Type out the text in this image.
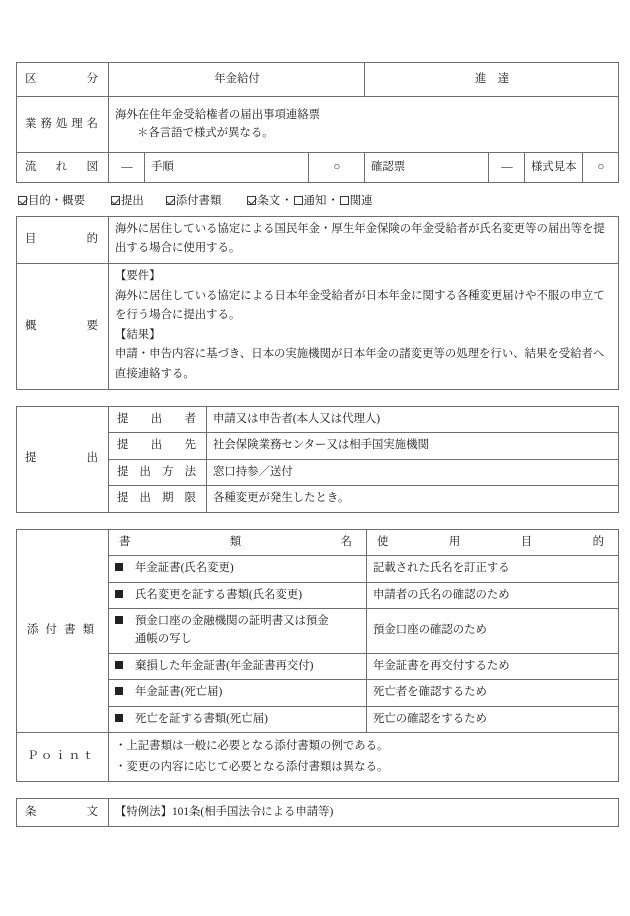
区　　　　分	年金給付	進　達
業 務 処 理 名	海外在住年金受給権者の届出事項連絡票
＊各言語で様式が異なる。	
流　れ　図	―	手順	○	確認票	―	様式見本	○
目的・概要	提出	添付書類	条文・ 通知・ 関連
目　　　　的	海外に居住している協定による国民年金・厚生年金保険の年金受給者が氏名変更等の届出等を提出する場合に使用する。
概　　　　要	【要件】
海外に居住している協定による日本年金受給者が日本年金に関する各種変更届けや不服の申立てを行う場合に提出する。
【結果】
申請・申告内容に基づき、日本の実施機関が日本年金の諸変更等の処理を行い、結果を受給者へ直接連絡する。
提　　　　出	提　出　者	申請又は申告者(本人又は代理人)
	提　出　先	社会保険業務センター又は相手国実施機関
	提 出 方 法	窓口持参／送付
	提 出 期 限	各種変更が発生したとき。
添 付 書 類	書　　　類　　　名	使　　用　　目　　的
	年金証書(氏名変更)	記載された氏名を訂正する
	氏名変更を証する書類(氏名変更)	申請者の氏名の確認のため
	預金口座の金融機関の証明書又は預金通帳の写し	預金口座の確認のため
	棄損した年金証書(年金証書再交付)	年金証書を再交付するため
	年金証書(死亡届)	死亡者を確認するため
	死亡を証する書類(死亡届)	死亡の確認をするため
Ｐｏｉｎｔ	・上記書類は一般に必要となる添付書類の例である。
・変更の内容に応じて必要となる添付書類は異なる。	
条　　　　文	【特例法】101条(相手国法令による申請等)
